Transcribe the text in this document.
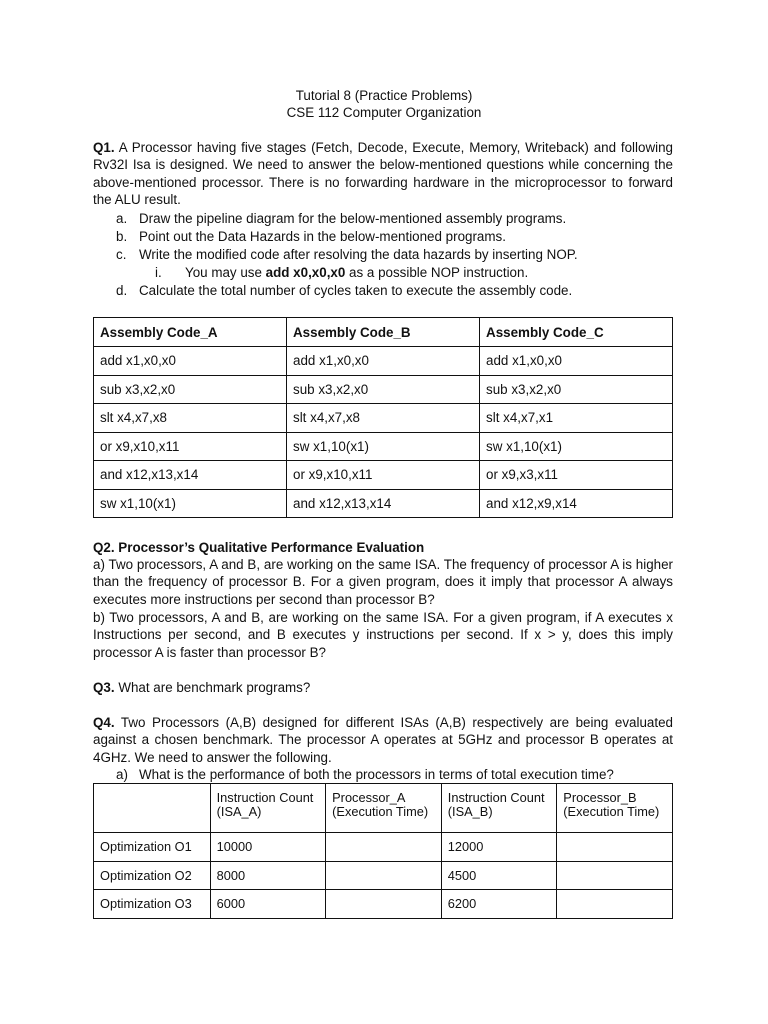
Tutorial 8 (Practice Problems)
CSE 112 Computer Organization
Q1. A Processor having five stages (Fetch, Decode, Execute, Memory, Writeback) and following Rv32I Isa is designed. We need to answer the below-mentioned questions while concerning the above-mentioned processor. There is no forwarding hardware in the microprocessor to forward the ALU result.
a. Draw the pipeline diagram for the below-mentioned assembly programs.
b. Point out the Data Hazards in the below-mentioned programs.
c. Write the modified code after resolving the data hazards by inserting NOP.
i. You may use add x0,x0,x0 as a possible NOP instruction.
d. Calculate the total number of cycles taken to execute the assembly code.
Assembly Code_A	Assembly Code_B	Assembly Code_C
add x1,x0,x0	add x1,x0,x0	add x1,x0,x0
sub x3,x2,x0	sub x3,x2,x0	sub x3,x2,x0
slt x4,x7,x8	slt x4,x7,x8	slt x4,x7,x1
or x9,x10,x11	sw x1,10(x1)	sw x1,10(x1)
and x12,x13,x14	or x9,x10,x11	or x9,x3,x11
sw x1,10(x1)	and x12,x13,x14	and x12,x9,x14
Q2. Processor’s Qualitative Performance Evaluation
a) Two processors, A and B, are working on the same ISA. The frequency of processor A is higher than the frequency of processor B. For a given program, does it imply that processor A always executes more instructions per second than processor B?
b) Two processors, A and B, are working on the same ISA. For a given program, if A executes x Instructions per second, and B executes y instructions per second. If x > y, does this imply processor A is faster than processor B?
Q3. What are benchmark programs?
Q4. Two Processors (A,B) designed for different ISAs (A,B) respectively are being evaluated against a chosen benchmark. The processor A operates at 5GHz and processor B operates at 4GHz. We need to answer the following.
a) What is the performance of both the processors in terms of total execution time?
	Instruction Count (ISA_A)	Processor_A (Execution Time)	Instruction Count (ISA_B)	Processor_B (Execution Time)
Optimization O1	10000		12000	
Optimization O2	8000		4500	
Optimization O3	6000		6200	
